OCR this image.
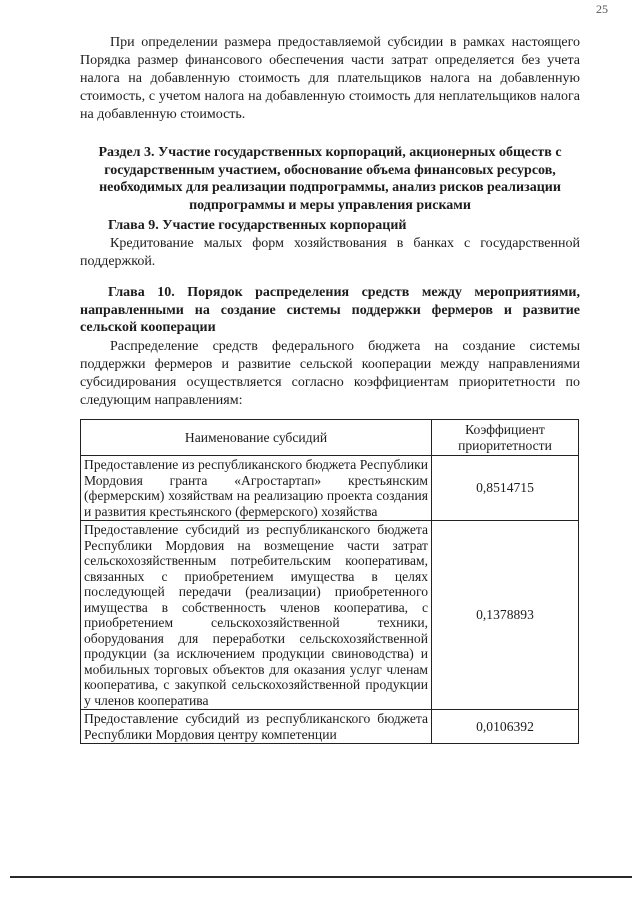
25

При определении размера предоставляемой субсидии в рамках настоящего Порядка размер финансового обеспечения части затрат определяется без учета налога на добавленную стоимость для плательщиков налога на добавленную стоимость, с учетом налога на добавленную стоимость для неплательщиков налога на добавленную стоимость.

Раздел 3. Участие государственных корпораций, акционерных обществ с государственным участием, обоснование объема финансовых ресурсов, необходимых для реализации подпрограммы, анализ рисков реализации подпрограммы и меры управления рисками

Глава 9. Участие государственных корпораций

Кредитование малых форм хозяйствования в банках с государственной поддержкой.

Глава 10. Порядок распределения средств между мероприятиями, направленными на создание системы поддержки фермеров и развитие сельской кооперации

Распределение средств федерального бюджета на создание системы поддержки фермеров и развитие сельской кооперации между направлениями субсидирования осуществляется согласно коэффициентам приоритетности по следующим направлениям:

Наименование субсидий	Коэффициент приоритетности
Предоставление из республиканского бюджета Республики Мордовия гранта «Агростартап» крестьянским (фермерским) хозяйствам на реализацию проекта создания и развития крестьянского (фермерского) хозяйства	0,8514715
Предоставление субсидий из республиканского бюджета Республики Мордовия на возмещение части затрат сельскохозяйственным потребительским кооперативам, связанных с приобретением имущества в целях последующей передачи (реализации) приобретенного имущества в собственность членов кооператива, с приобретением сельскохозяйственной техники, оборудования для переработки сельскохозяйственной продукции (за исключением продукции свиноводства) и мобильных торговых объектов для оказания услуг членам кооператива, с закупкой сельскохозяйственной продукции у членов кооператива	0,1378893
Предоставление субсидий из республиканского бюджета Республики Мордовия центру компетенции	0,0106392
